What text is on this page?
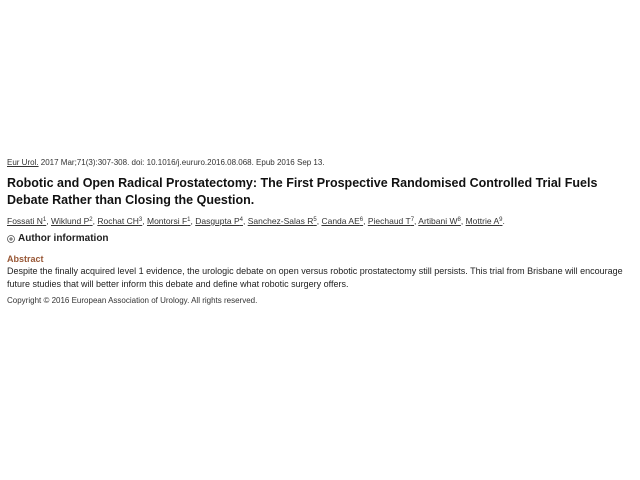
Eur Urol. 2017 Mar;71(3):307-308. doi: 10.1016/j.eururo.2016.08.068. Epub 2016 Sep 13.
Robotic and Open Radical Prostatectomy: The First Prospective Randomised Controlled Trial Fuels Debate Rather than Closing the Question.
Fossati $N^1$, Wiklund $P^2$, Rochat $CH^3$, Montorsi $F^1$, Dasgupta $P^4$, Sanchez-Salas $R^5$, Canda $AE^6$, Piechaud $T^7$, Artibani $W^8$, Mottrie $A^9$.
Author information
Abstract
Despite the finally acquired level 1 evidence, the urologic debate on open versus robotic prostatectomy still persists. This trial from Brisbane will encourage future studies that will better inform this debate and define what robotic surgery offers.
Copyright © 2016 European Association of Urology. All rights reserved.
